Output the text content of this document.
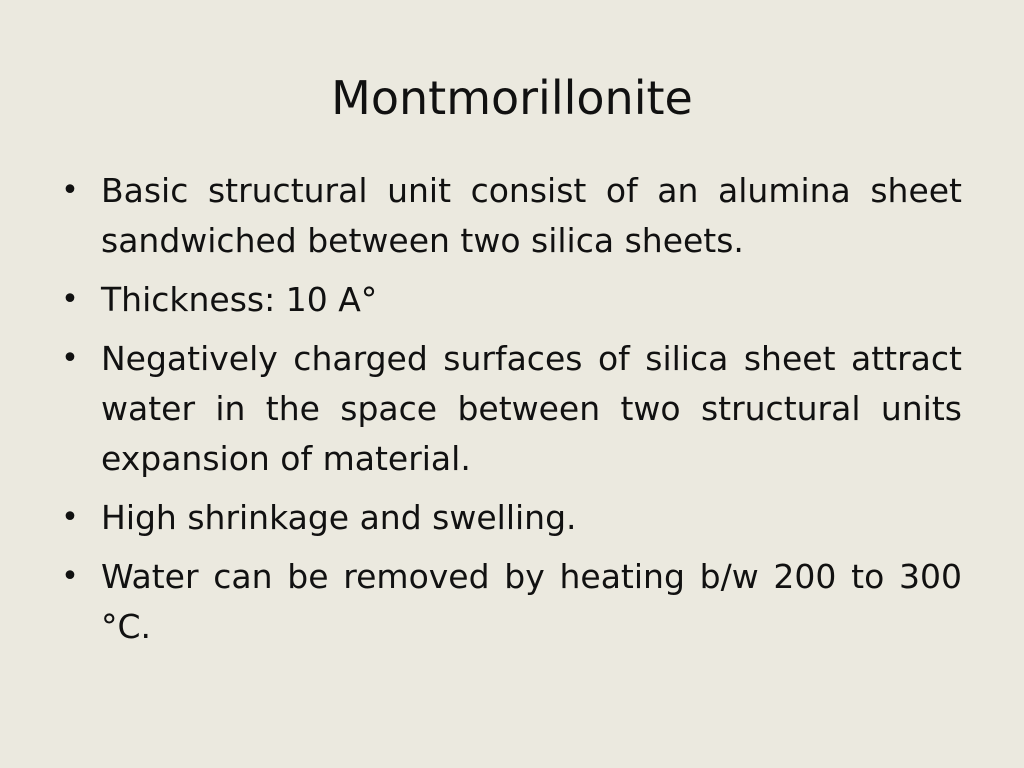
Montmorillonite
• Basic structural unit consist of an alumina sheet sandwiched between two silica sheets.
• Thickness: 10 A°
• Negatively charged surfaces of silica sheet attract water in the space between two structural units expansion of material.
• High shrinkage and swelling.
• Water can be removed by heating b/w 200 to 300 °C.
